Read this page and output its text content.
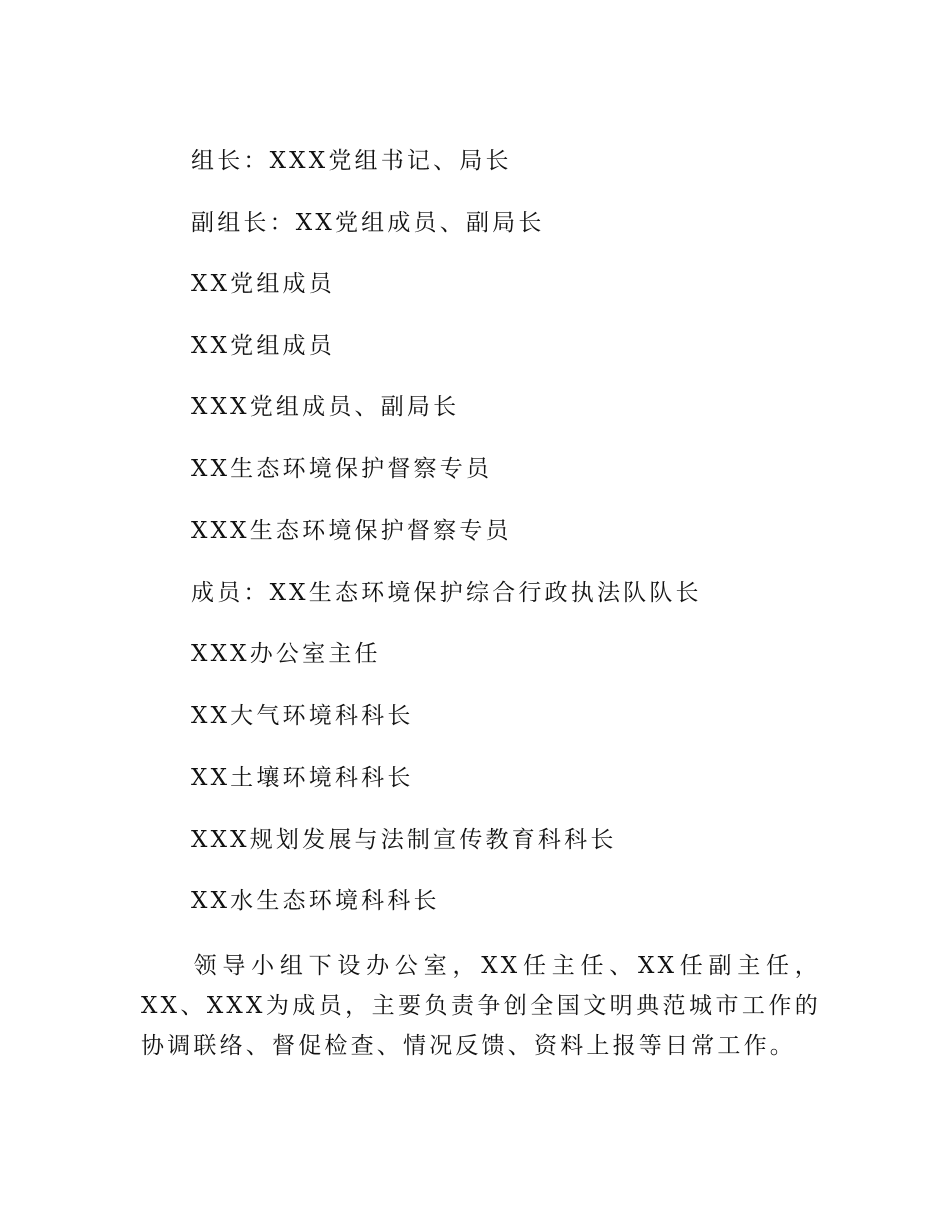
组长：XXX党组书记、局长
副组长：XX党组成员、副局长
XX党组成员
XX党组成员
XXX党组成员、副局长
XX生态环境保护督察专员
XXX生态环境保护督察专员
成员：XX生态环境保护综合行政执法队队长
XXX办公室主任
XX大气环境科科长
XX土壤环境科科长
XXX规划发展与法制宣传教育科科长
XX水生态环境科科长
领导小组下设办公室，XX任主任、XX任副主任，XX、XXX为成员，主要负责争创全国文明典范城市工作的协调联络、督促检查、情况反馈、资料上报等日常工作。
